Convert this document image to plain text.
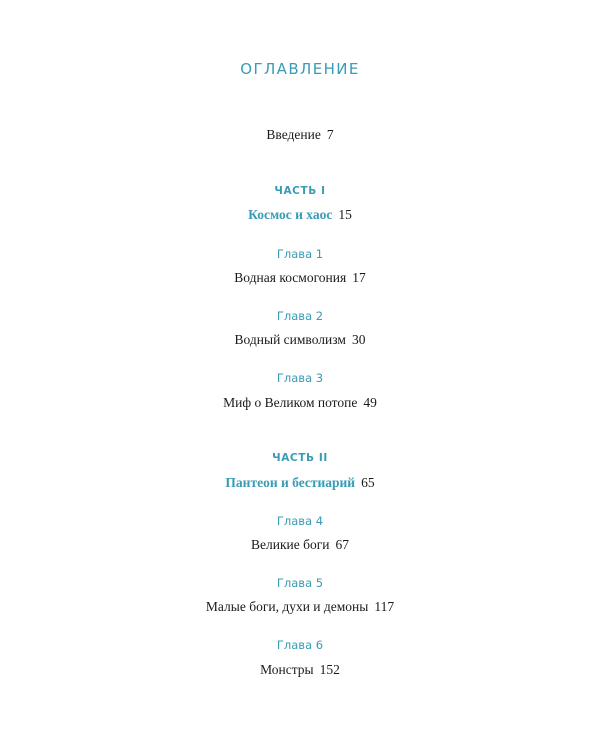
ОГЛАВЛЕНИЕ
Введение 7
ЧАСТЬ I
Космос и хаос 15
Глава 1
Водная космогония 17
Глава 2
Водный символизм 30
Глава 3
Миф о Великом потопе 49
ЧАСТЬ II
Пантеон и бестиарий 65
Глава 4
Великие боги 67
Глава 5
Малые боги, духи и демоны 117
Глава 6
Монстры 152
